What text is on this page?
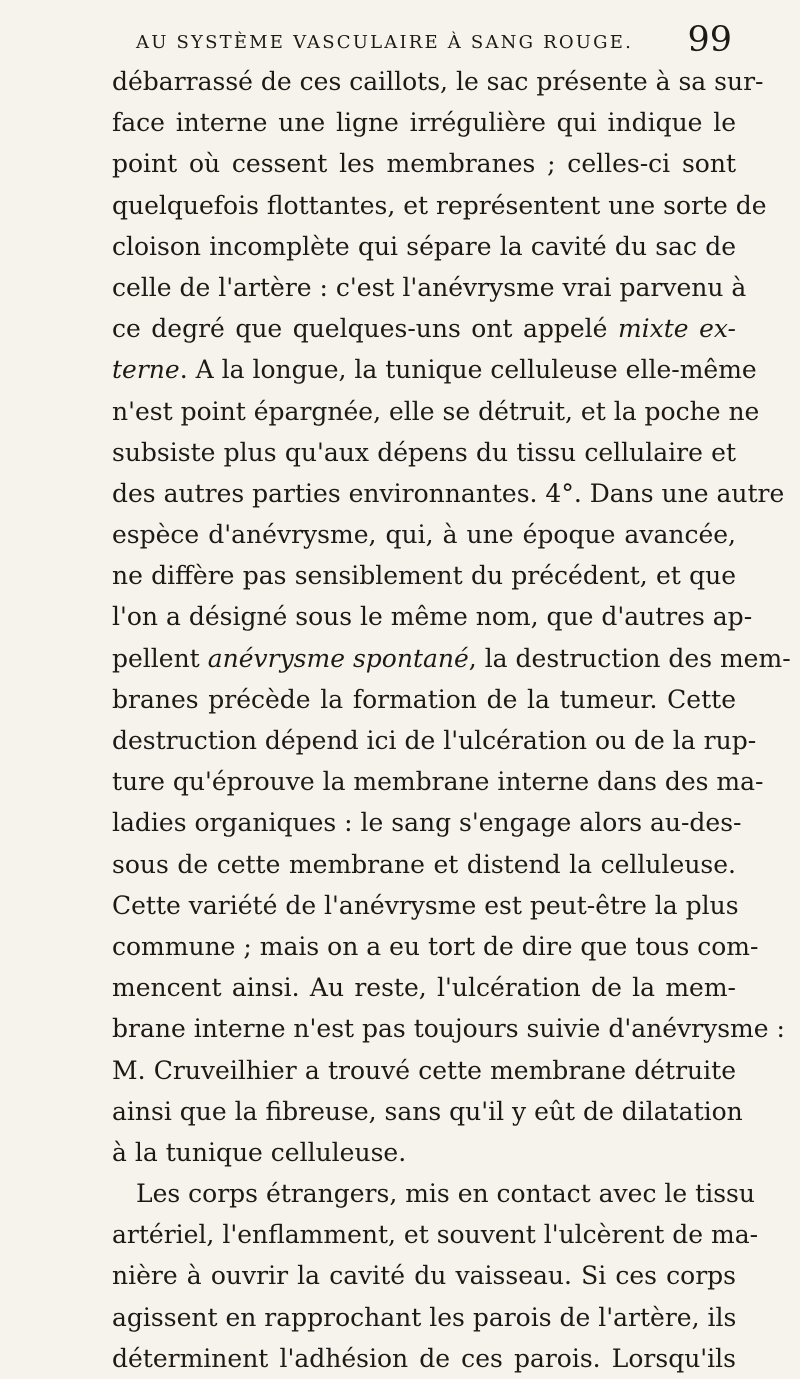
AU SYSTÈME VASCULAIRE À SANG ROUGE. 99
débarrassé de ces caillots, le sac présente à sa sur-
face interne une ligne irrégulière qui indique le
point où cessent les membranes ; celles-ci sont
quelquefois flottantes, et représentent une sorte de
cloison incomplète qui sépare la cavité du sac de
celle de l'artère : c'est l'anévrysme vrai parvenu à
ce degré que quelques-uns ont appelé mixte ex-
terne. A la longue, la tunique celluleuse elle-même
n'est point épargnée, elle se détruit, et la poche ne
subsiste plus qu'aux dépens du tissu cellulaire et
des autres parties environnantes. 4°. Dans une autre
espèce d'anévrysme, qui, à une époque avancée,
ne diffère pas sensiblement du précédent, et que
l'on a désigné sous le même nom, que d'autres ap-
pellent anévrysme spontané, la destruction des mem-
branes précède la formation de la tumeur. Cette
destruction dépend ici de l'ulcération ou de la rup-
ture qu'éprouve la membrane interne dans des ma-
ladies organiques : le sang s'engage alors au-des-
sous de cette membrane et distend la celluleuse.
Cette variété de l'anévrysme est peut-être la plus
commune ; mais on a eu tort de dire que tous com-
mencent ainsi. Au reste, l'ulcération de la mem-
brane interne n'est pas toujours suivie d'anévrysme :
M. Cruveilhier a trouvé cette membrane détruite
ainsi que la fibreuse, sans qu'il y eût de dilatation
à la tunique celluleuse.
Les corps étrangers, mis en contact avec le tissu
artériel, l'enflamment, et souvent l'ulcèrent de ma-
nière à ouvrir la cavité du vaisseau. Si ces corps
agissent en rapprochant les parois de l'artère, ils
déterminent l'adhésion de ces parois. Lorsqu'ils
